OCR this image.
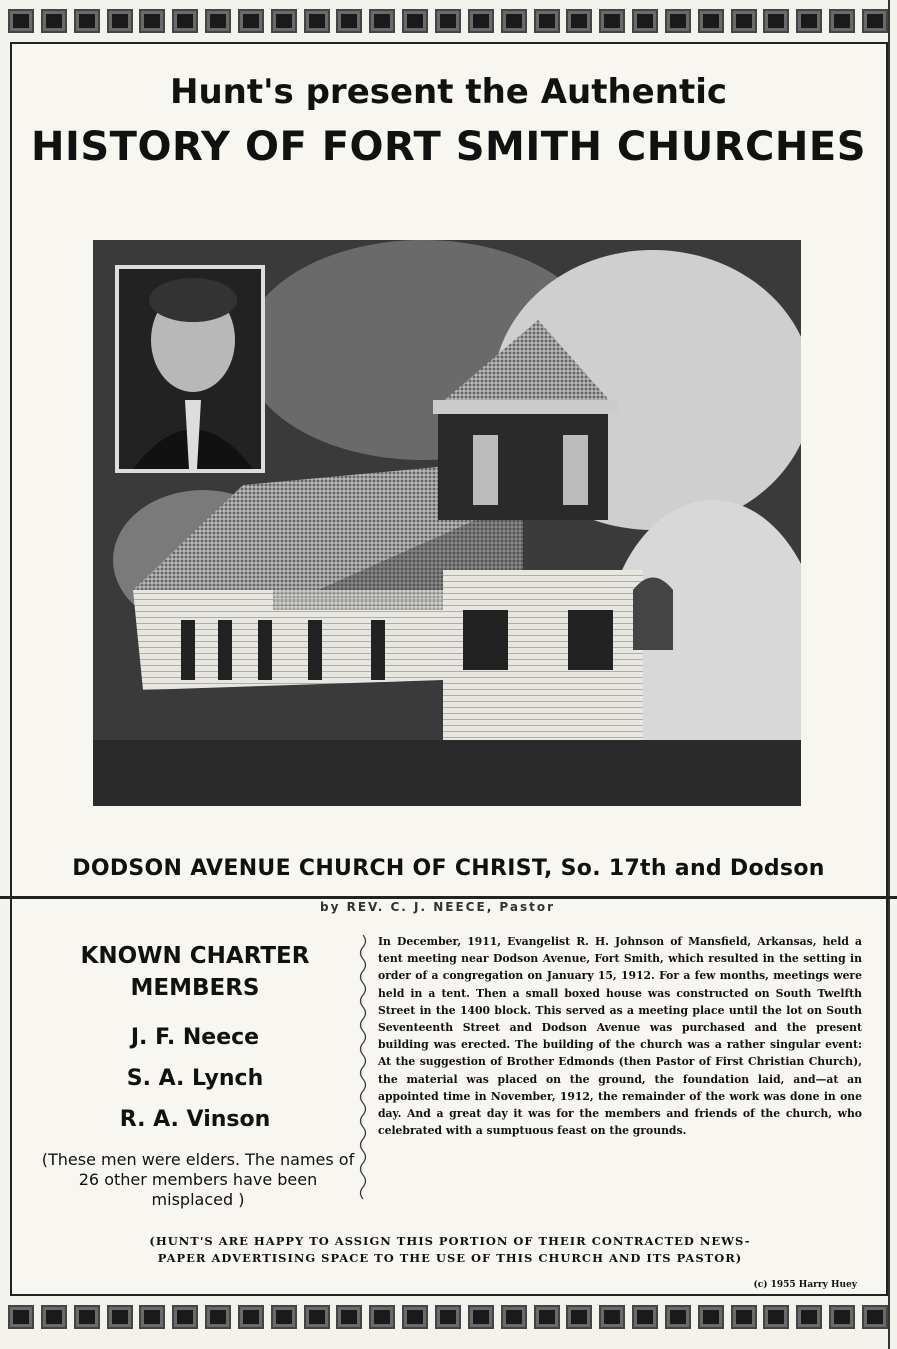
Hunt's present the Authentic
HISTORY OF FORT SMITH CHURCHES
DODSON AVENUE CHURCH OF CHRIST, So. 17th and Dodson
by REV. C. J. NEECE, Pastor
KNOWN CHARTER
MEMBERS
J. F. Neece
S. A. Lynch
R. A. Vinson
(These men were elders. The names of 26 other members have been misplaced )
In December, 1911, Evangelist R. H. Johnson of Mansfield, Arkansas, held a tent meeting near Dodson Avenue, Fort Smith, which resulted in the setting in order of a congregation on January 15, 1912. For a few months, meetings were held in a tent. Then a small boxed house was constructed on South Twelfth Street in the 1400 block. This served as a meeting place until the lot on South Seventeenth Street and Dodson Avenue was purchased and the present building was erected. The building of the church was a rather singular event: At the suggestion of Brother Edmonds (then Pastor of First Christian Church), the material was placed on the ground, the foundation laid, and—at an appointed time in November, 1912, the remainder of the work was done in one day. And a great day it was for the members and friends of the church, who celebrated with a sumptuous feast on the grounds.
(HUNT'S ARE HAPPY TO ASSIGN THIS PORTION OF THEIR CONTRACTED NEWS-
PAPER ADVERTISING SPACE TO THE USE OF THIS CHURCH AND ITS PASTOR)
(c) 1955 Harry Huey
